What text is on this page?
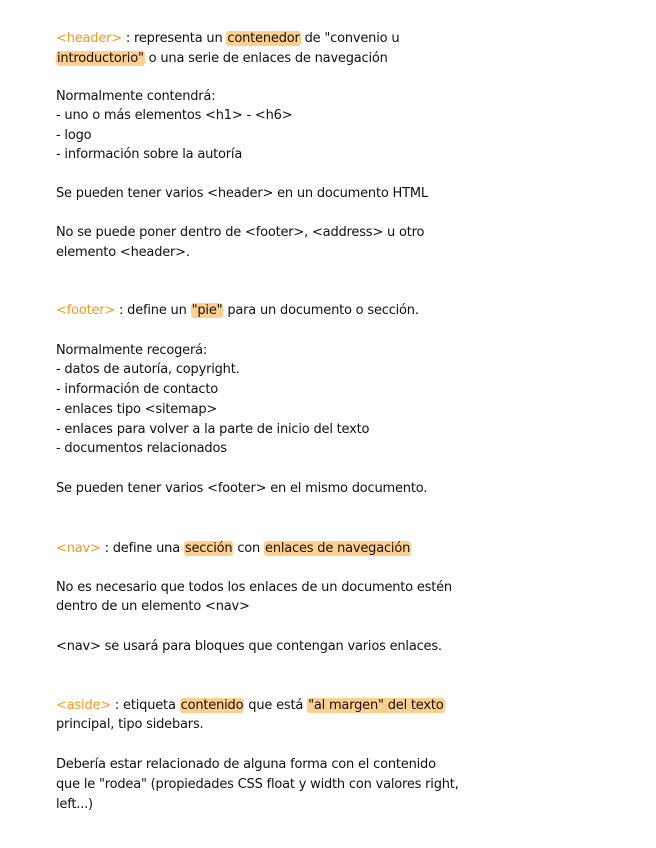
<header> : representa un contenedor de "convenio u

introductorio" o una serie de enlaces de navegación

Normalmente contendrá:

- uno o más elementos <h1> - <h6>

- logo

- información sobre la autoría

Se pueden tener varios <header> en un documento HTML

No se puede poner dentro de <footer>, <address> u otro

elemento <header>.

<footer> : define un "pie" para un documento o sección.

Normalmente recogerá:

- datos de autoría, copyright.

- información de contacto

- enlaces tipo <sitemap>

- enlaces para volver a la parte de inicio del texto

- documentos relacionados

Se pueden tener varios <footer> en el mismo documento.

<nav> : define una sección con enlaces de navegación

No es necesario que todos los enlaces de un documento estén

dentro de un elemento <nav>

<nav> se usará para bloques que contengan varios enlaces.

<aside> : etiqueta contenido que está "al margen" del texto

principal, tipo sidebars.

Debería estar relacionado de alguna forma con el contenido

que le "rodea" (propiedades CSS float y width con valores right,

left...)
